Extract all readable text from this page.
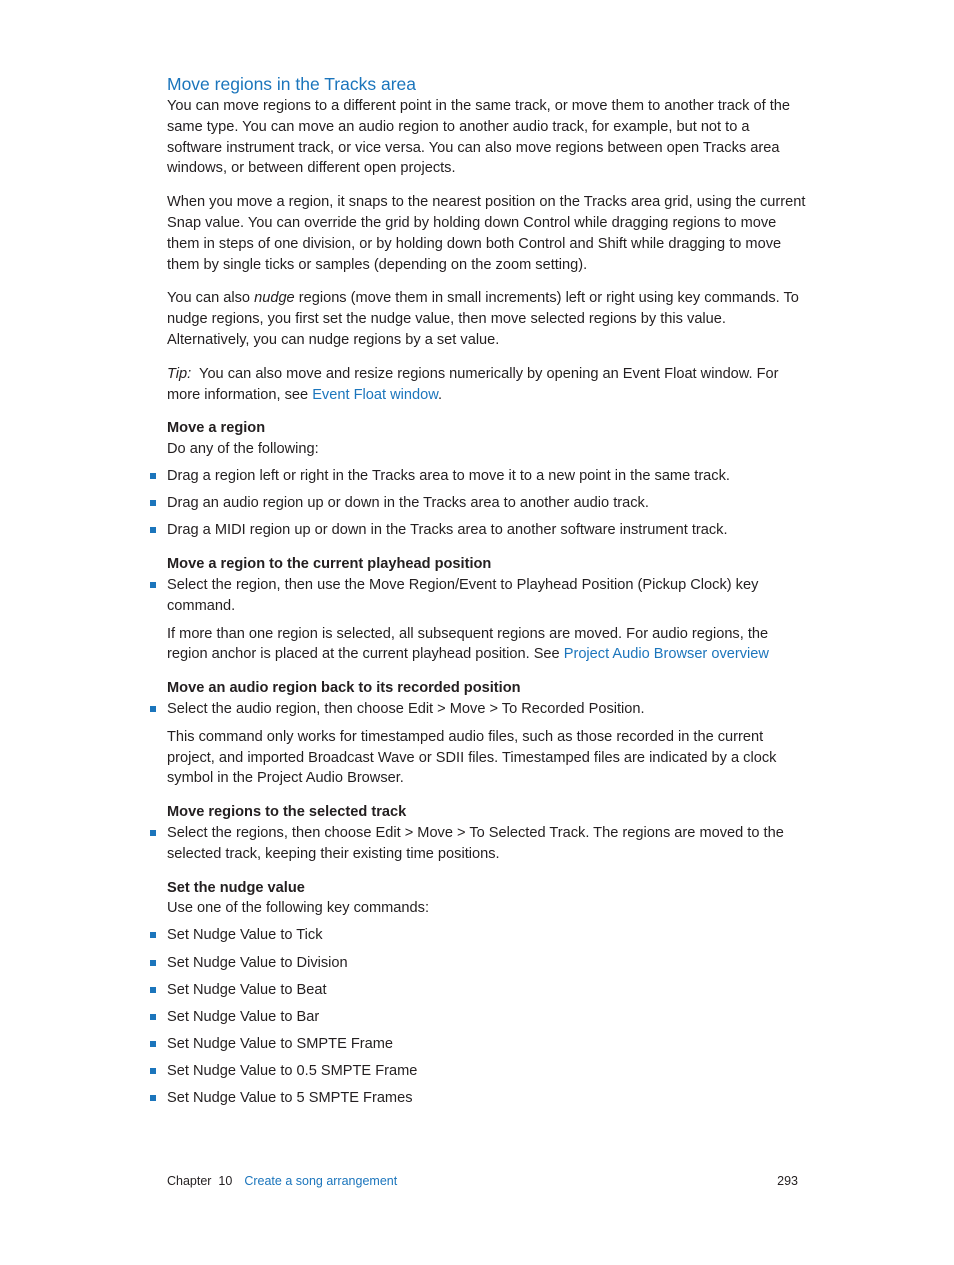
Move regions in the Tracks area

You can move regions to a different point in the same track, or move them to another track of the same type. You can move an audio region to another audio track, for example, but not to a software instrument track, or vice versa. You can also move regions between open Tracks area windows, or between different open projects.

When you move a region, it snaps to the nearest position on the Tracks area grid, using the current Snap value. You can override the grid by holding down Control while dragging regions to move them in steps of one division, or by holding down both Control and Shift while dragging to move them by single ticks or samples (depending on the zoom setting).

You can also nudge regions (move them in small increments) left or right using key commands. To nudge regions, you first set the nudge value, then move selected regions by this value. Alternatively, you can nudge regions by a set value.

Tip:  You can also move and resize regions numerically by opening an Event Float window. For more information, see Event Float window.

Move a region

Do any of the following:

Drag a region left or right in the Tracks area to move it to a new point in the same track.
Drag an audio region up or down in the Tracks area to another audio track.
Drag a MIDI region up or down in the Tracks area to another software instrument track.

Move a region to the current playhead position

Select the region, then use the Move Region/Event to Playhead Position (Pickup Clock) key command.

If more than one region is selected, all subsequent regions are moved. For audio regions, the region anchor is placed at the current playhead position. See Project Audio Browser overview

Move an audio region back to its recorded position

Select the audio region, then choose Edit > Move > To Recorded Position.

This command only works for timestamped audio files, such as those recorded in the current project, and imported Broadcast Wave or SDII files. Timestamped files are indicated by a clock symbol in the Project Audio Browser.

Move regions to the selected track

Select the regions, then choose Edit > Move > To Selected Track. The regions are moved to the selected track, keeping their existing time positions.

Set the nudge value

Use one of the following key commands:

Set Nudge Value to Tick
Set Nudge Value to Division
Set Nudge Value to Beat
Set Nudge Value to Bar
Set Nudge Value to SMPTE Frame
Set Nudge Value to 0.5 SMPTE Frame
Set Nudge Value to 5 SMPTE Frames
Chapter  10 Create a song arrangement	293
